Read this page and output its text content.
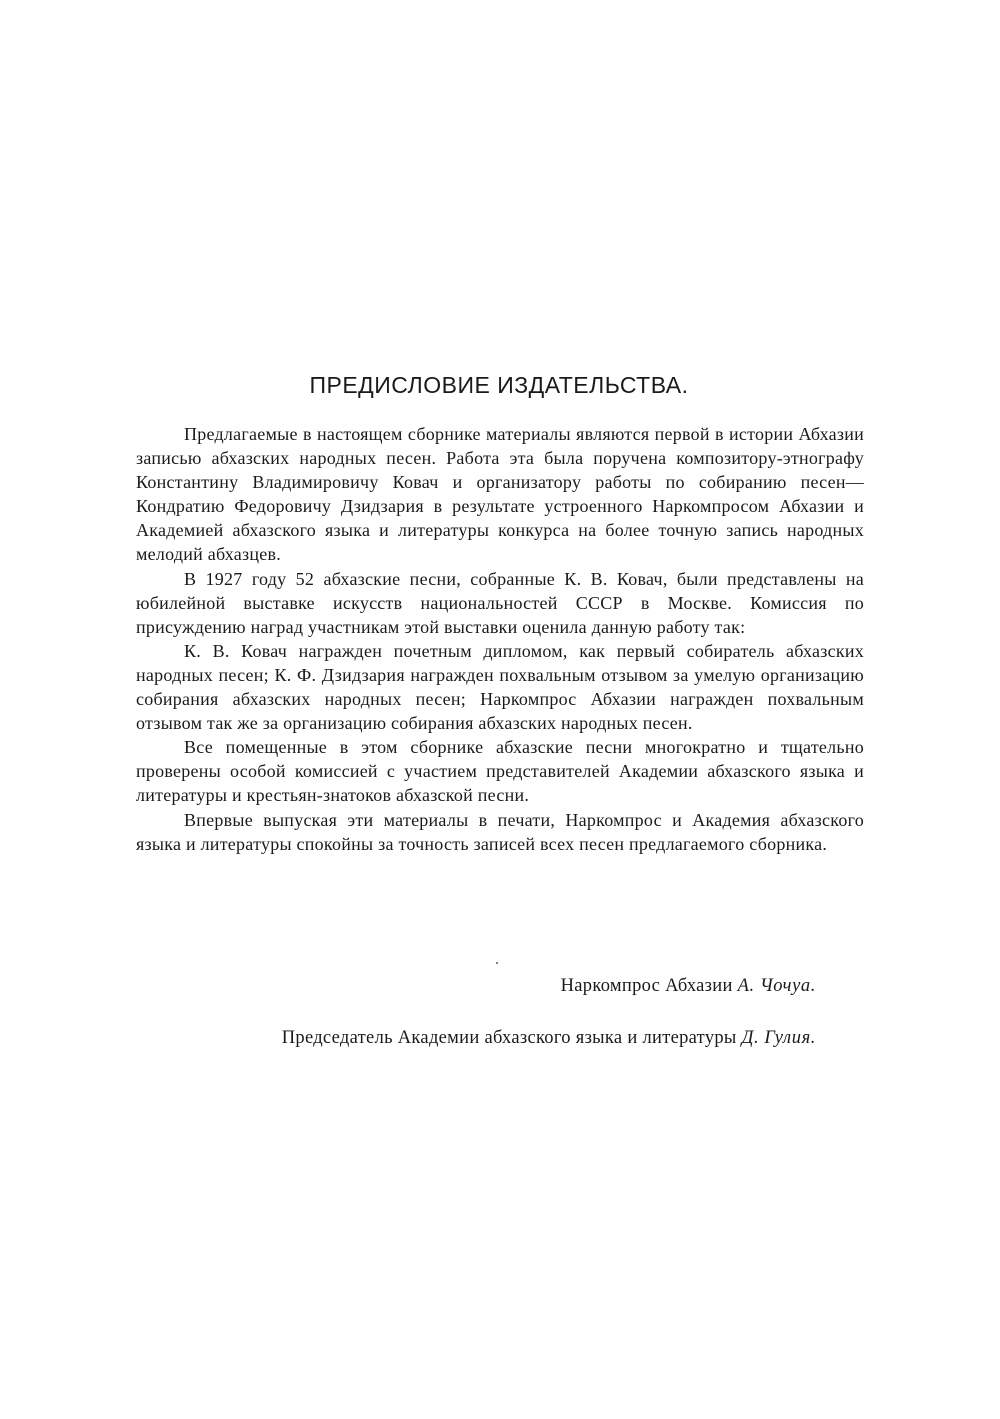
ПРЕДИСЛОВИЕ ИЗДАТЕЛЬСТВА.

Предлагаемые в настоящем сборнике материалы являются первой в истории Абхазии записью абхазских народных песен. Работа эта была поручена композитору-этнографу Константину Владимировичу Ковач и организатору работы по собиранию песен—Кондратию Федоровичу Дзидзария в результате устроенного Наркомпросом Абхазии и Академией абхазского языка и литературы конкурса на более точную запись народных мелодий абхазцев.

В 1927 году 52 абхазские песни, собранные К. В. Ковач, были представлены на юбилейной выставке искусств национальностей СССР в Москве. Комиссия по присуждению наград участникам этой выставки оценила данную работу так:

К. В. Ковач награжден почетным дипломом, как первый собиратель абхазских народных песен; К. Ф. Дзидзария награжден похвальным отзывом за умелую организацию собирания абхазских народных песен; Наркомпрос Абхазии награжден похвальным отзывом так же за организацию собирания абхазских народных песен.

Все помещенные в этом сборнике абхазские песни многократно и тщательно проверены особой комиссией с участием представителей Академии абхазского языка и литературы и крестьян-знатоков абхазской песни.

Впервые выпуская эти материалы в печати, Наркомпрос и Академия абхазского языка и литературы спокойны за точность записей всех песен предлагаемого сборника.

Наркомпрос Абхазии А. Чочуа.

Председатель Академии абхазского языка и литературы Д. Гулия.
